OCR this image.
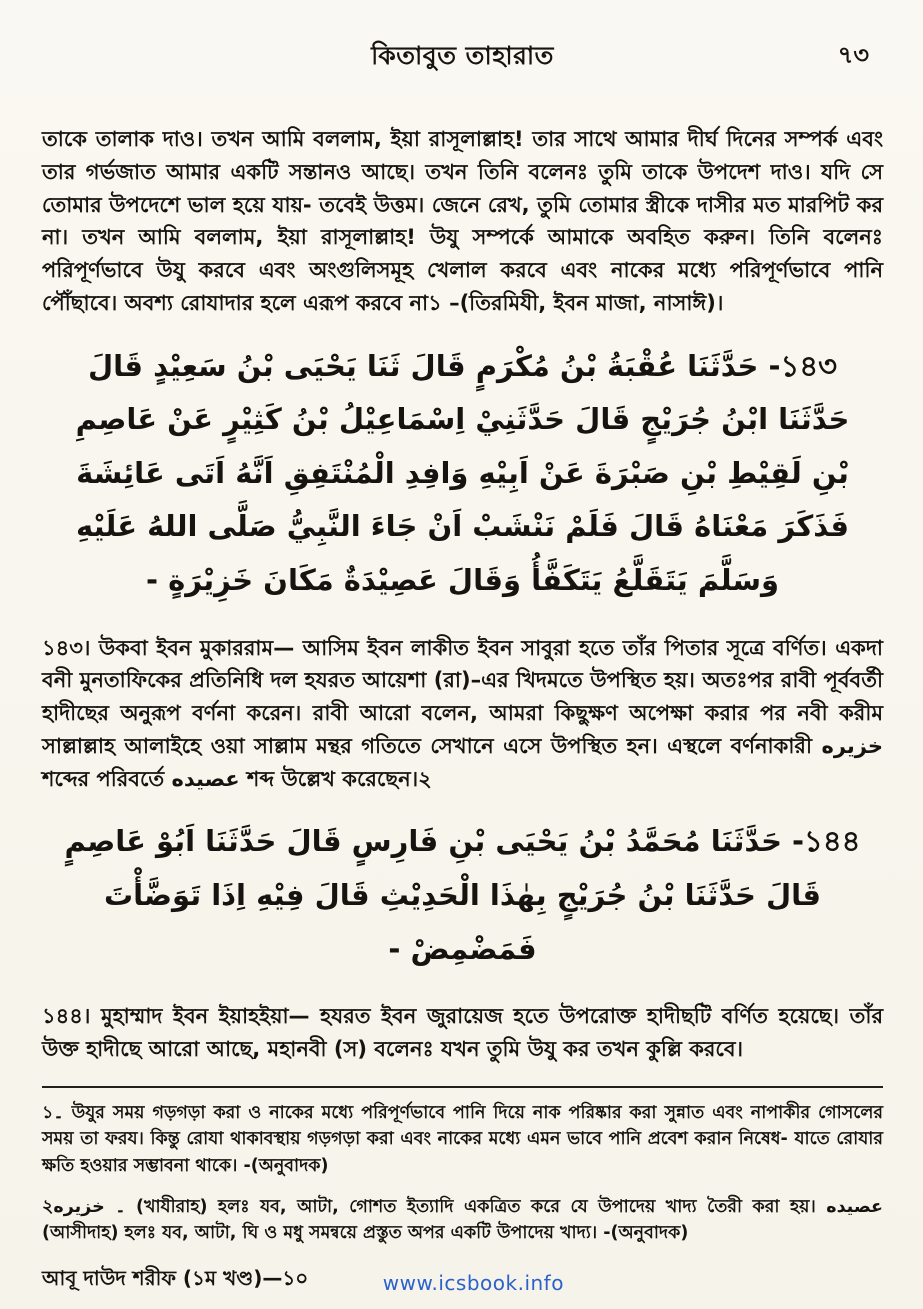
কিতাবুত তাহারাত	৭৩

তাকে তালাক দাও। তখন আমি বললাম, ইয়া রাসূলাল্লাহ! তার সাথে আমার দীর্ঘ দিনের সম্পর্ক এবং তার গর্ভজাত আমার একটি সন্তানও আছে। তখন তিনি বলেনঃ তুমি তাকে উপদেশ দাও। যদি সে তোমার উপদেশে ভাল হয়ে যায়- তবেই উত্তম। জেনে রেখ, তুমি তোমার স্ত্রীকে দাসীর মত মারপিট কর না। তখন আমি বললাম, ইয়া রাসূলাল্লাহ! উযু সম্পর্কে আমাকে অবহিত করুন। তিনি বলেনঃ পরিপূর্ণভাবে উযু করবে এবং অংগুলিসমূহ খেলাল করবে এবং নাকের মধ্যে পরিপূর্ণভাবে পানি পৌঁছাবে। অবশ্য রোযাদার হলে এরূপ করবে না১ –(তিরমিযী, ইবন মাজা, নাসাঈ)।

১৪৩-حَدَّثَنَا عُقْبَةُ بْنُ مُكْرَمٍ قَالَ ثَنَا يَحْيَى بْنُ سَعِيْدٍ قَالَ حَدَّثَنَا ابْنُ جُرَيْجٍ قَالَ حَدَّثَنِيْ اِسْمَاعِيْلُ بْنُ كَثِيْرٍ عَنْ عَاصِمِ بْنِ لَقِيْطِ بْنِ صَبْرَةَ عَنْ اَبِيْهِ وَافِدِ الْمُنْتَفِقِ اَنَّهُ اَتَى عَائِشَةَ فَذَكَرَ مَعْنَاهُ قَالَ فَلَمْ نَنْشَبْ اَنْ جَاءَ النَّبِيُّ صَلَّى اللهُ عَلَيْهِ وَسَلَّمَ يَتَقَلَّعُ يَتَكَفَّأُ وَقَالَ عَصِيْدَةٌ مَكَانَ خَزِيْرَةٍ -

১৪৩। উকবা ইবন মুকাররাম— আসিম ইবন লাকীত ইবন সাবুরা হতে তাঁর পিতার সূত্রে বর্ণিত। একদা বনী মুনতাফিকের প্রতিনিধি দল হযরত আয়েশা (রা)–এর খিদমতে উপস্থিত হয়। অতঃপর রাবী পূর্ববর্তী হাদীছের অনুরূপ বর্ণনা করেন। রাবী আরো বলেন, আমরা কিছুক্ষণ অপেক্ষা করার পর নবী করীম সাল্লাল্লাহ আলাইহে ওয়া সাল্লাম মন্থর গতিতে সেখানে এসে উপস্থিত হন। এস্থলে বর্ণনাকারী خزيره শব্দের পরিবর্তে عصيده শব্দ উল্লেখ করেছেন।২

১৪৪-حَدَّثَنَا مُحَمَّدُ بْنُ يَحْيَى بْنِ فَارِسٍ قَالَ حَدَّثَنَا اَبُوْ عَاصِمٍ قَالَ حَدَّثَنَا بْنُ جُرَيْجٍ بِهٰذَا الْحَدِيْثِ قَالَ فِيْهِ اِذَا تَوَضَّأْتَ فَمَضْمِضْ -

১৪৪। মুহাম্মাদ ইবন ইয়াহইয়া— হযরত ইবন জুরায়েজ হতে উপরোক্ত হাদীছটি বর্ণিত হয়েছে। তাঁর উক্ত হাদীছে আরো আছে, মহানবী (স) বলেনঃ যখন তুমি উযু কর তখন কুল্লি করবে।

১۔ উযুর সময় গড়গড়া করা ও নাকের মধ্যে পরিপূর্ণভাবে পানি দিয়ে নাক পরিষ্কার করা সুন্নাত এবং নাপাকীর গোসলের সময় তা ফরয। কিন্তু রোযা থাকাবস্থায় গড়গড়া করা এবং নাকের মধ্যে এমন ভাবে পানি প্রবেশ করান নিষেধ- যাতে রোযার ক্ষতি হওয়ার সম্ভাবনা থাকে। -(অনুবাদক)

২۔ خزيره (খাযীরাহ) হলঃ যব, আটা, গোশত ইত্যাদি একত্রিত করে যে উপাদেয় খাদ্য তৈরী করা হয়। عصيده (আসীদাহ) হলঃ যব, আটা, ঘি ও মধু সমন্বয়ে প্রস্তুত অপর একটি উপাদেয় খাদ্য। -(অনুবাদক)

আবূ দাউদ শরীফ (১ম খণ্ড)—১০	www.icsbook.info
